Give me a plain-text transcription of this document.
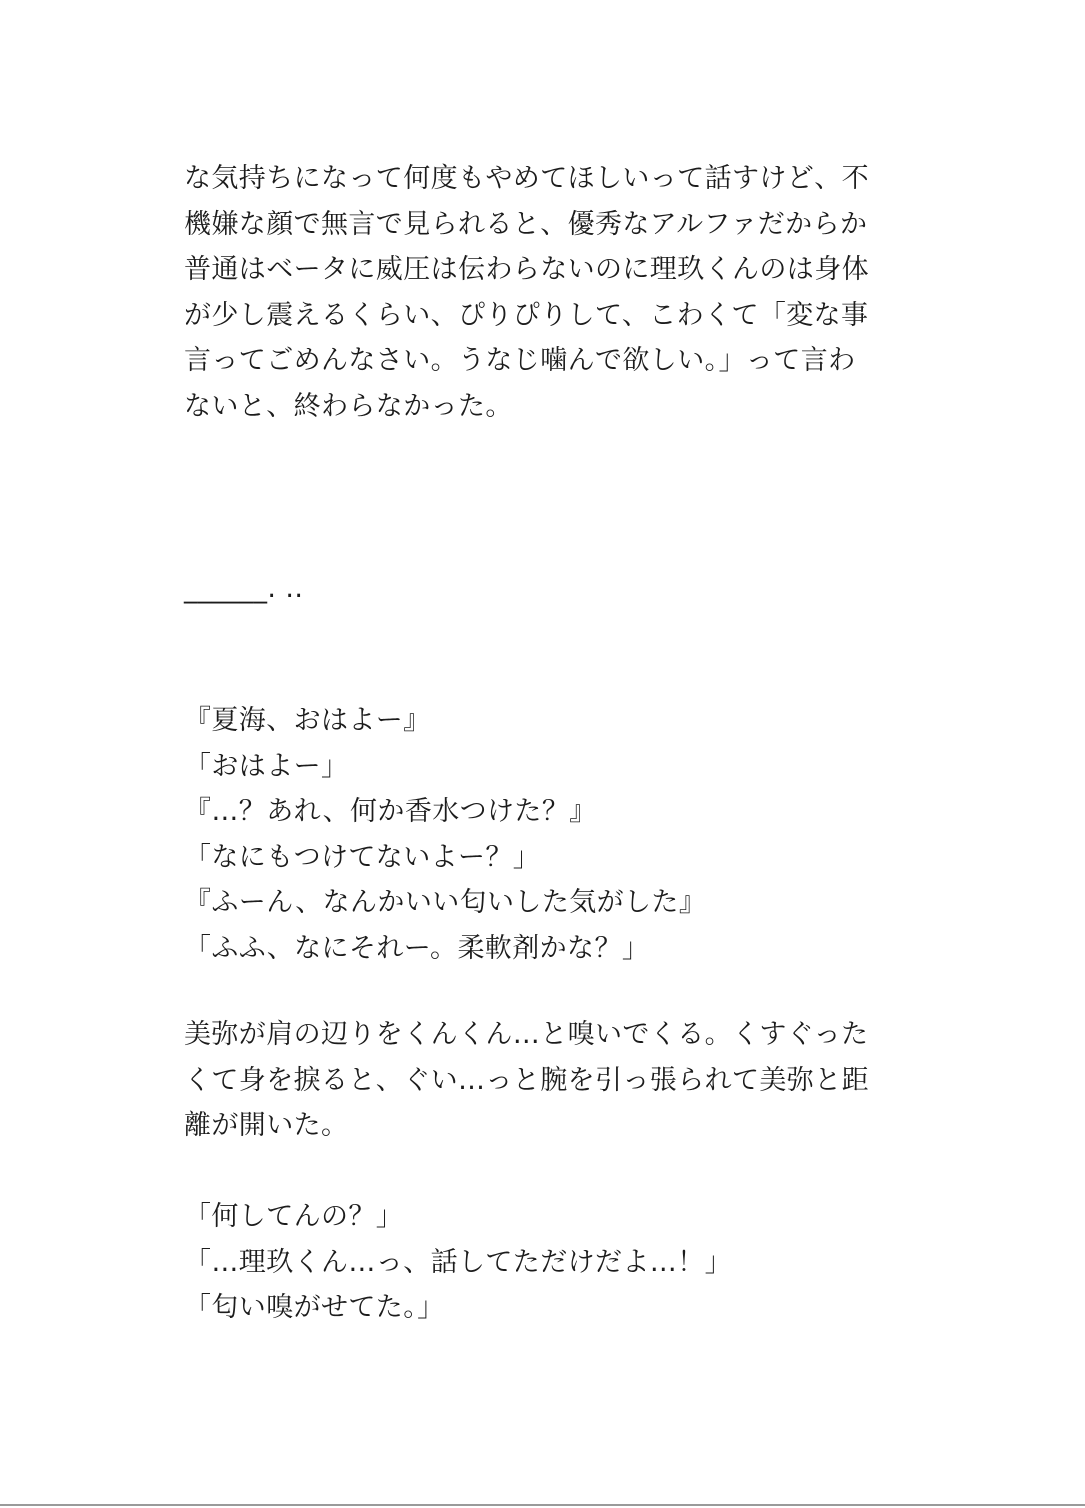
な気持ちになって何度もやめてほしいって話すけど、不
機嫌な顔で無言で見られると、優秀なアルファだからか
普通はベータに威圧は伝わらないのに理玖くんのは身体
が少し震えるくらい、ぴりぴりして、こわくて「変な事
言ってごめんなさい。うなじ噛んで欲しい。」って言わ
ないと、終わらなかった。
______. ..
『夏海、おはよー』
「おはよー」
『…？あれ、何か香水つけた？』
「なにもつけてないよー？」
『ふーん、なんかいい匂いした気がした』
「ふふ、なにそれー。柔軟剤かな？」
美弥が肩の辺りをくんくん…と嗅いでくる。くすぐった
くて身を捩ると、ぐい…っと腕を引っ張られて美弥と距
離が開いた。
「何してんの？」
「…理玖くん…っ、話してただけだよ…！」
「匂い嗅がせてた。」
